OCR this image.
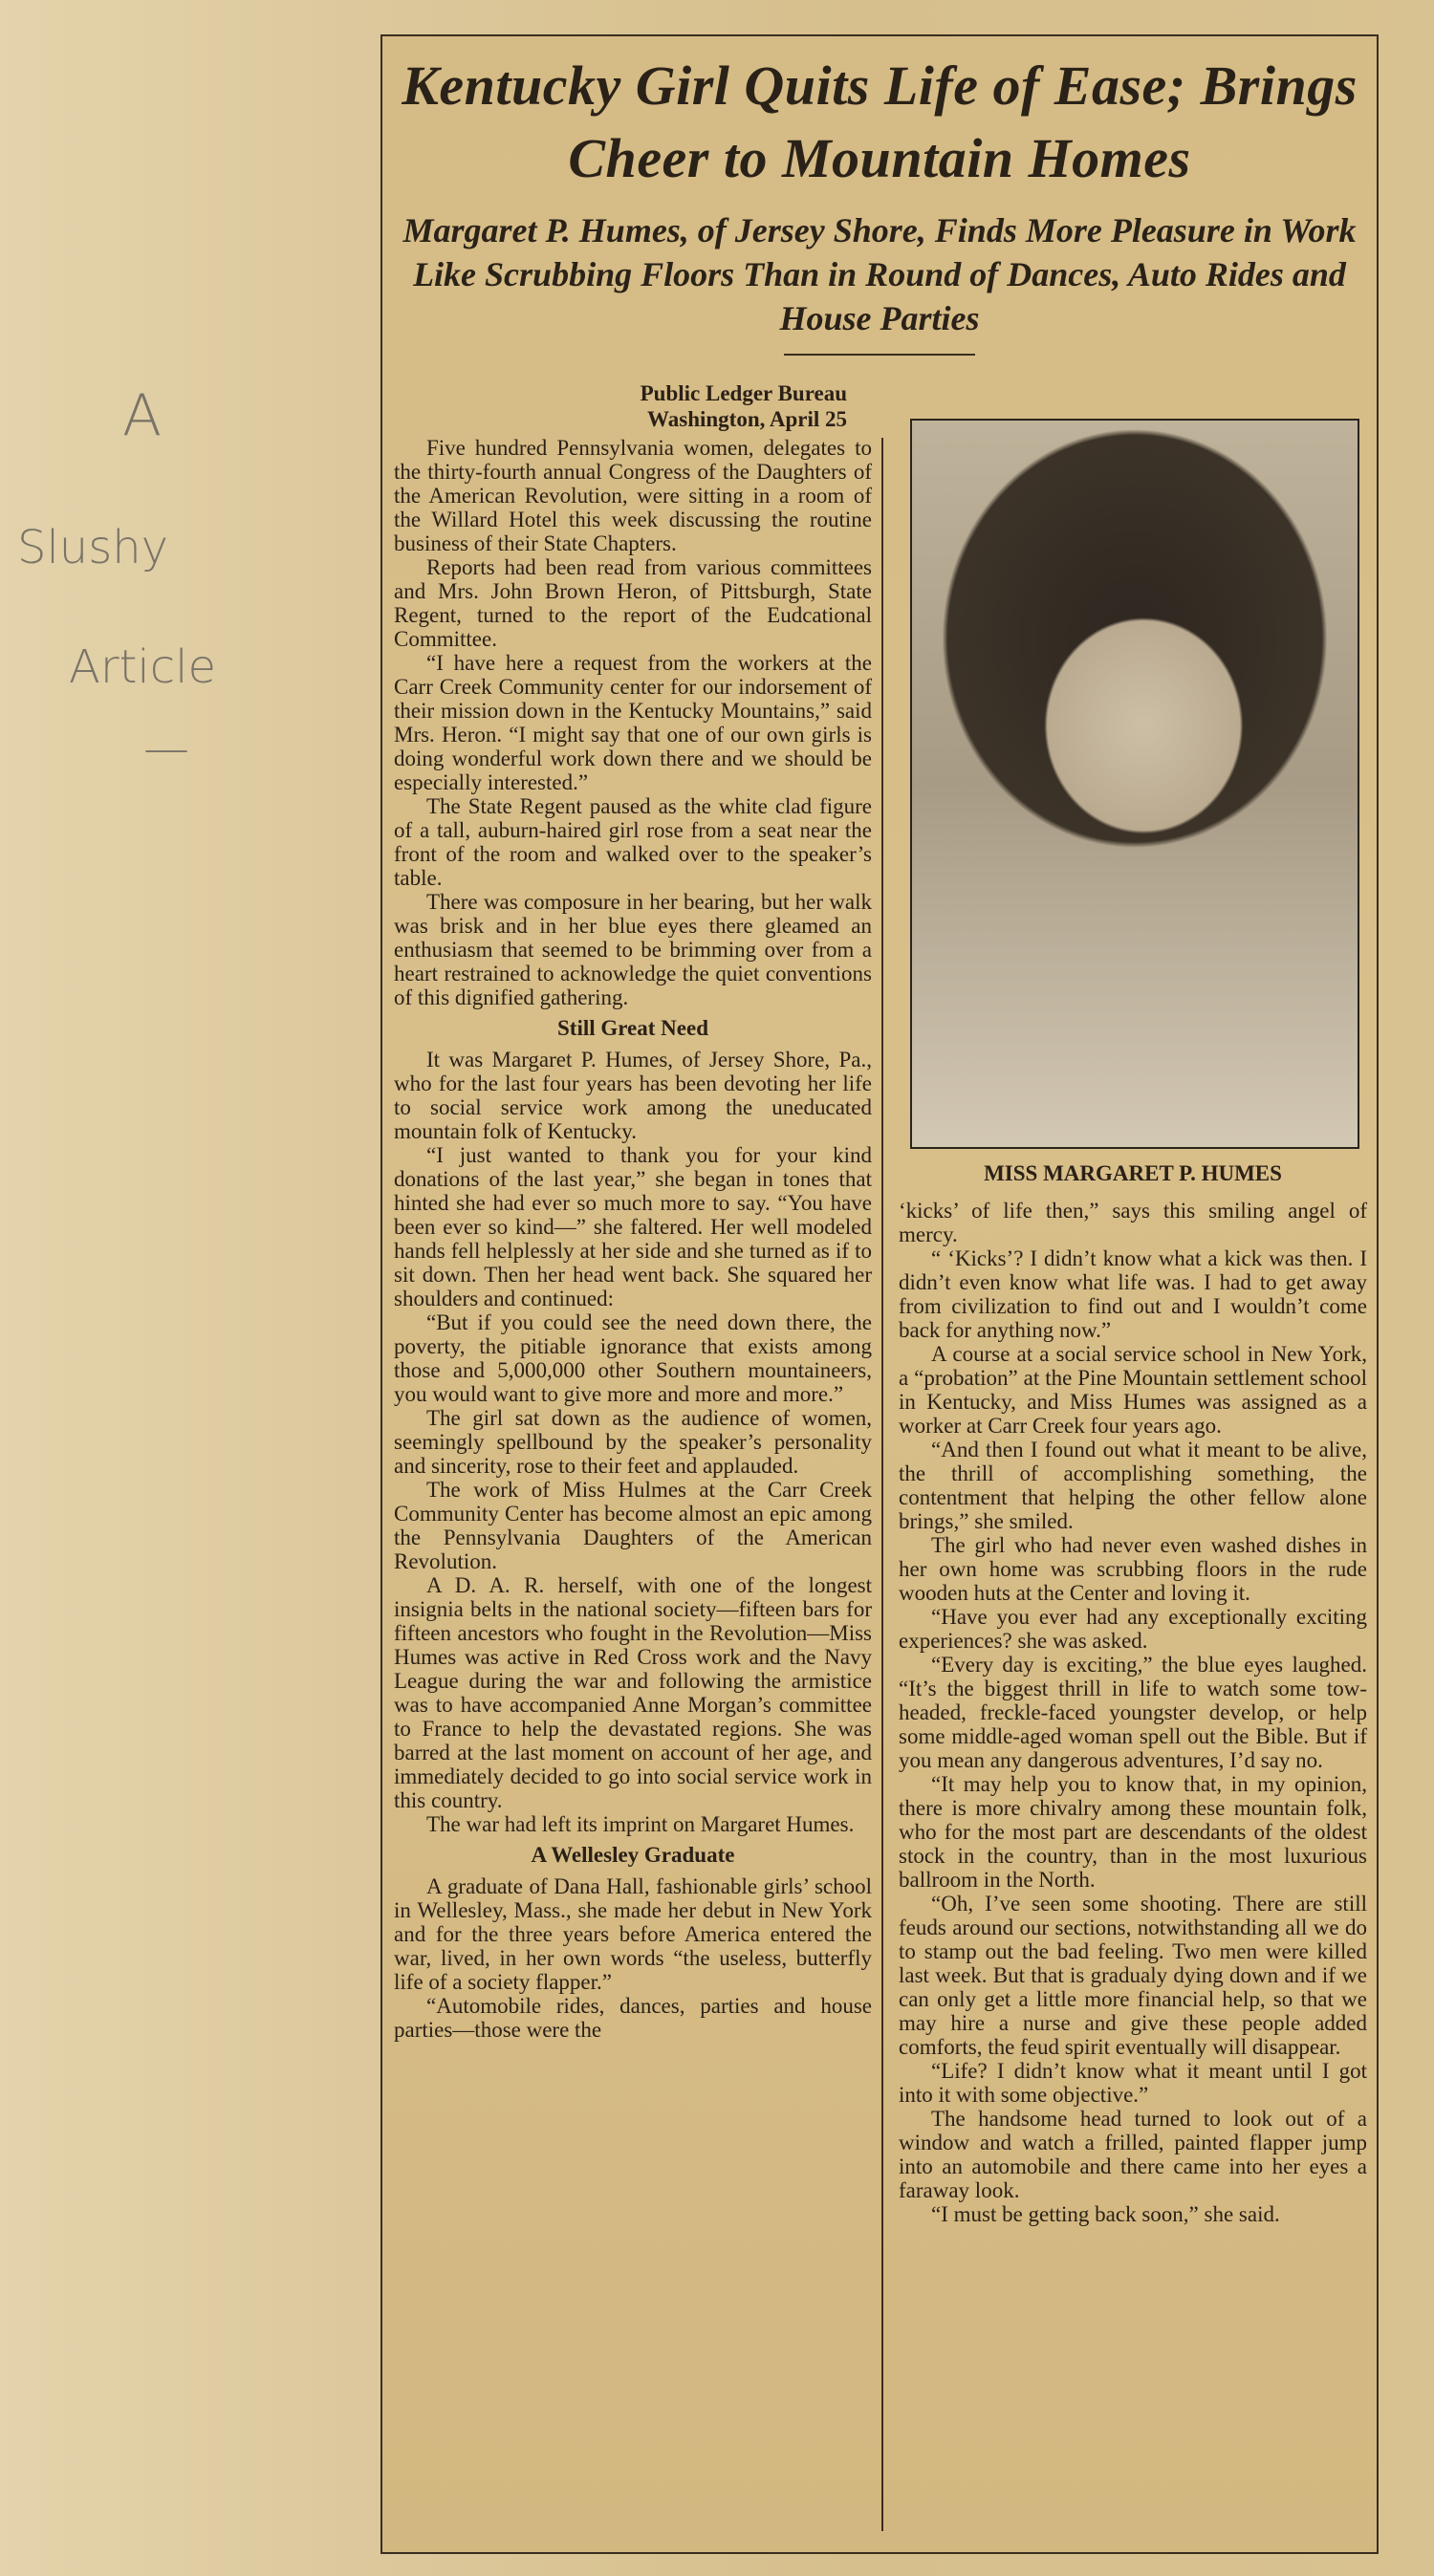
A
Slushy
Article
—
Kentucky Girl Quits Life of Ease; Brings Cheer to Mountain Homes
Margaret P. Humes, of Jersey Shore, Finds More Pleasure in Work Like Scrubbing Floors Than in Round of Dances, Auto Rides and House Parties
Public Ledger Bureau
Washington, April 25

Five hundred Pennsylvania women, delegates to the thirty-fourth annual Congress of the Daughters of the American Revolution, were sitting in a room of the Willard Hotel this week discussing the routine business of their State Chapters.

Reports had been read from various committees and Mrs. John Brown Heron, of Pittsburgh, State Regent, turned to the report of the Eudcational Committee.

“I have here a request from the workers at the Carr Creek Community center for our indorsement of their mission down in the Kentucky Mountains,” said Mrs. Heron. “I might say that one of our own girls is doing wonderful work down there and we should be especially interested.”

The State Regent paused as the white clad figure of a tall, auburn-haired girl rose from a seat near the front of the room and walked over to the speaker’s table.

There was composure in her bearing, but her walk was brisk and in her blue eyes there gleamed an enthusiasm that seemed to be brimming over from a heart restrained to acknowledge the quiet conventions of this dignified gathering.

Still Great Need

It was Margaret P. Humes, of Jersey Shore, Pa., who for the last four years has been devoting her life to social service work among the uneducated mountain folk of Kentucky.

“I just wanted to thank you for your kind donations of the last year,” she began in tones that hinted she had ever so much more to say. “You have been ever so kind—” she faltered. Her well modeled hands fell helplessly at her side and she turned as if to sit down. Then her head went back. She squared her shoulders and continued:

“But if you could see the need down there, the poverty, the pitiable ignorance that exists among those and 5,000,000 other Southern mountaineers, you would want to give more and more and more.”

The girl sat down as the audience of women, seemingly spellbound by the speaker’s personality and sincerity, rose to their feet and applauded.

The work of Miss Hulmes at the Carr Creek Community Center has become almost an epic among the Pennsylvania Daughters of the American Revolution.

A D. A. R. herself, with one of the longest insignia belts in the national society—fifteen bars for fifteen ancestors who fought in the Revolution—Miss Humes was active in Red Cross work and the Navy League during the war and following the armistice was to have accompanied Anne Morgan’s committee to France to help the devastated regions. She was barred at the last moment on account of her age, and immediately decided to go into social service work in this country.

The war had left its imprint on Margaret Humes.

A Wellesley Graduate

A graduate of Dana Hall, fashionable girls’ school in Wellesley, Mass., she made her debut in New York and for the three years before America entered the war, lived, in her own words “the useless, butterfly life of a society flapper.”

“Automobile rides, dances, parties and house parties—those were the

MISS MARGARET P. HUMES

‘kicks’ of life then,” says this smiling angel of mercy.

“ ‘Kicks’? I didn’t know what a kick was then. I didn’t even know what life was. I had to get away from civilization to find out and I wouldn’t come back for anything now.”

A course at a social service school in New York, a “probation” at the Pine Mountain settlement school in Kentucky, and Miss Humes was assigned as a worker at Carr Creek four years ago.

“And then I found out what it meant to be alive, the thrill of accomplishing something, the contentment that helping the other fellow alone brings,” she smiled.

The girl who had never even washed dishes in her own home was scrubbing floors in the rude wooden huts at the Center and loving it.

“Have you ever had any exceptionally exciting experiences? she was asked.

“Every day is exciting,” the blue eyes laughed. “It’s the biggest thrill in life to watch some tow-headed, freckle-faced youngster develop, or help some middle-aged woman spell out the Bible. But if you mean any dangerous adventures, I’d say no.

“It may help you to know that, in my opinion, there is more chivalry among these mountain folk, who for the most part are descendants of the oldest stock in the country, than in the most luxurious ballroom in the North.

“Oh, I’ve seen some shooting. There are still feuds around our sections, notwithstanding all we do to stamp out the bad feeling. Two men were killed last week. But that is gradualy dying down and if we can only get a little more financial help, so that we may hire a nurse and give these people added comforts, the feud spirit eventually will disappear.

“Life? I didn’t know what it meant until I got into it with some objective.”

The handsome head turned to look out of a window and watch a frilled, painted flapper jump into an automobile and there came into her eyes a faraway look.

“I must be getting back soon,” she said.
